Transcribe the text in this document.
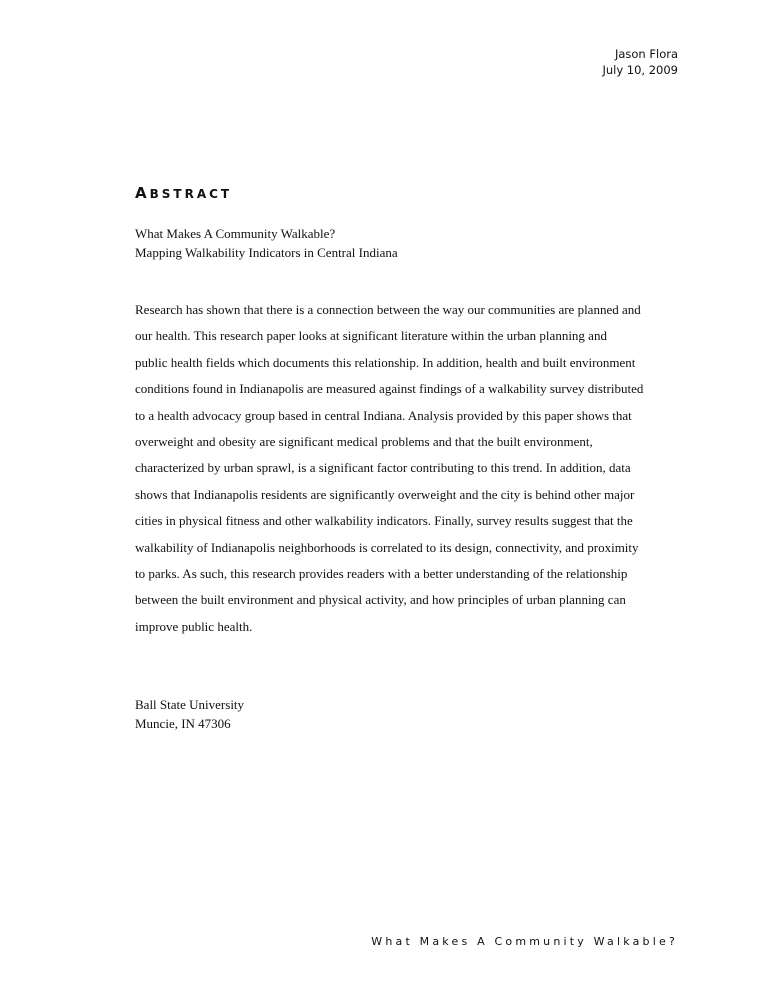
Jason Flora
July 10, 2009
ABSTRACT
What Makes A Community Walkable?
Mapping Walkability Indicators in Central Indiana
Research has shown that there is a connection between the way our communities are planned and
our health. This research paper looks at significant literature within the urban planning and
public health fields which documents this relationship. In addition, health and built environment
conditions found in Indianapolis are measured against findings of a walkability survey distributed
to a health advocacy group based in central Indiana. Analysis provided by this paper shows that
overweight and obesity are significant medical problems and that the built environment,
characterized by urban sprawl, is a significant factor contributing to this trend. In addition, data
shows that Indianapolis residents are significantly overweight and the city is behind other major
cities in physical fitness and other walkability indicators. Finally, survey results suggest that the
walkability of Indianapolis neighborhoods is correlated to its design, connectivity, and proximity
to parks. As such, this research provides readers with a better understanding of the relationship
between the built environment and physical activity, and how principles of urban planning can
improve public health.
Ball State University
Muncie, IN 47306
What Makes A Community Walkable?
